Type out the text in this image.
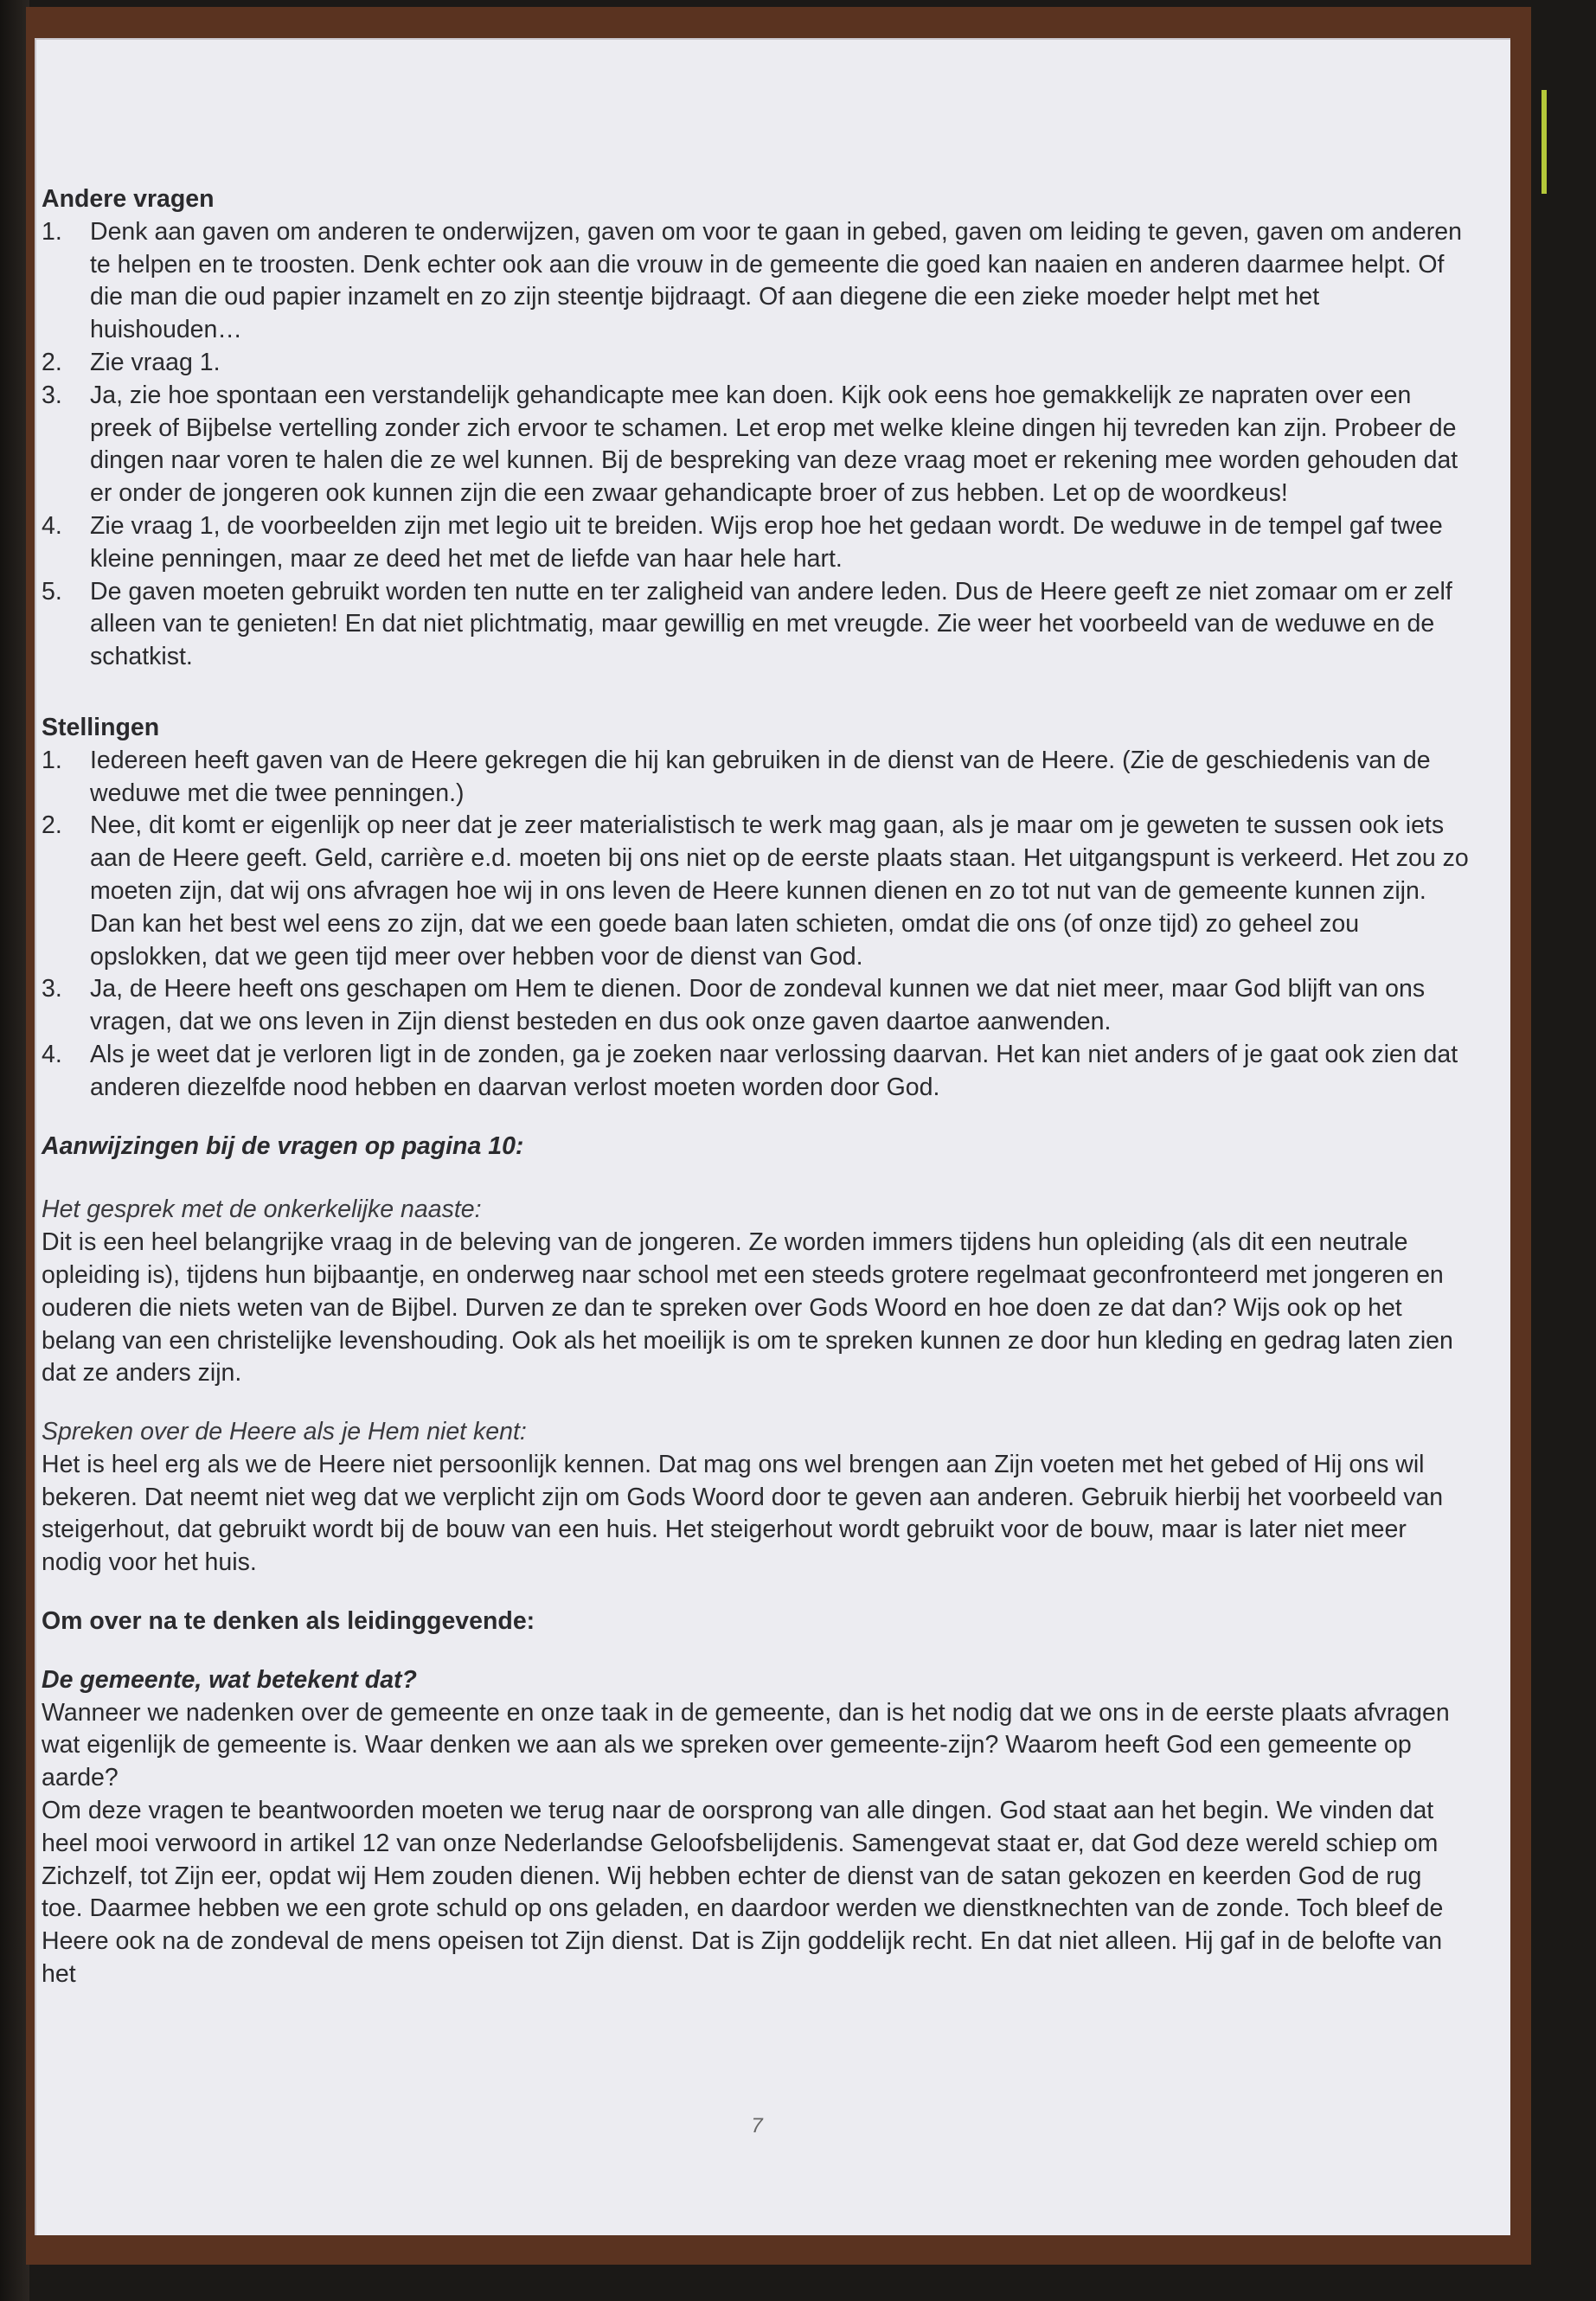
Andere vragen

1.	Denk aan gaven om anderen te onderwijzen, gaven om voor te gaan in gebed, gaven om leiding te geven, gaven om anderen te helpen en te troosten. Denk echter ook aan die vrouw in de gemeente die goed kan naaien en anderen daarmee helpt. Of die man die oud papier inzamelt en zo zijn steentje bijdraagt. Of aan diegene die een zieke moeder helpt met het huishouden…
2.	Zie vraag 1.
3.	Ja, zie hoe spontaan een verstandelijk gehandicapte mee kan doen. Kijk ook eens hoe gemakkelijk ze napraten over een preek of Bijbelse vertelling zonder zich ervoor te schamen. Let erop met welke kleine dingen hij tevreden kan zijn. Probeer de dingen naar voren te halen die ze wel kunnen. Bij de bespreking van deze vraag moet er rekening mee worden gehouden dat er onder de jongeren ook kunnen zijn die een zwaar gehandicapte broer of zus hebben. Let op de woordkeus!
4.	Zie vraag 1, de voorbeelden zijn met legio uit te breiden. Wijs erop hoe het gedaan wordt. De weduwe in de tempel gaf twee kleine penningen, maar ze deed het met de liefde van haar hele hart.
5.	De gaven moeten gebruikt worden ten nutte en ter zaligheid van andere leden. Dus de Heere geeft ze niet zomaar om er zelf alleen van te genieten! En dat niet plichtmatig, maar gewillig en met vreugde. Zie weer het voorbeeld van de weduwe en de schatkist.

Stellingen

1.	Iedereen heeft gaven van de Heere gekregen die hij kan gebruiken in de dienst van de Heere. (Zie de geschiedenis van de weduwe met die twee penningen.)
2.	Nee, dit komt er eigenlijk op neer dat je zeer materialistisch te werk mag gaan, als je maar om je geweten te sussen ook iets aan de Heere geeft. Geld, carrière e.d. moeten bij ons niet op de eerste plaats staan. Het uitgangspunt is verkeerd. Het zou zo moeten zijn, dat wij ons afvragen hoe wij in ons leven de Heere kunnen dienen en zo tot nut van de gemeente kunnen zijn. Dan kan het best wel eens zo zijn, dat we een goede baan laten schieten, omdat die ons (of onze tijd) zo geheel zou opslokken, dat we geen tijd meer over hebben voor de dienst van God.
3.	Ja, de Heere heeft ons geschapen om Hem te dienen. Door de zondeval kunnen we dat niet meer, maar God blijft van ons vragen, dat we ons leven in Zijn dienst besteden en dus ook onze gaven daartoe aanwenden.
4.	Als je weet dat je verloren ligt in de zonden, ga je zoeken naar verlossing daarvan. Het kan niet anders of je gaat ook zien dat anderen diezelfde nood hebben en daarvan verlost moeten worden door God.

Aanwijzingen bij de vragen op pagina 10:

Het gesprek met de onkerkelijke naaste:

Dit is een heel belangrijke vraag in de beleving van de jongeren. Ze worden immers tijdens hun opleiding (als dit een neutrale opleiding is), tijdens hun bijbaantje, en onderweg naar school met een steeds grotere regelmaat geconfronteerd met jongeren en ouderen die niets weten van de Bijbel. Durven ze dan te spreken over Gods Woord en hoe doen ze dat dan? Wijs ook op het belang van een christelijke levenshouding. Ook als het moeilijk is om te spreken kunnen ze door hun kleding en gedrag laten zien dat ze anders zijn.

Spreken over de Heere als je Hem niet kent:

Het is heel erg als we de Heere niet persoonlijk kennen. Dat mag ons wel brengen aan Zijn voeten met het gebed of Hij ons wil bekeren. Dat neemt niet weg dat we verplicht zijn om Gods Woord door te geven aan anderen. Gebruik hierbij het voorbeeld van steigerhout, dat gebruikt wordt bij de bouw van een huis. Het steigerhout wordt gebruikt voor de bouw, maar is later niet meer nodig voor het huis.

Om over na te denken als leidinggevende:

De gemeente, wat betekent dat?

Wanneer we nadenken over de gemeente en onze taak in de gemeente, dan is het nodig dat we ons in de eerste plaats afvragen wat eigenlijk de gemeente is. Waar denken we aan als we spreken over gemeente-zijn? Waarom heeft God een gemeente op aarde?

Om deze vragen te beantwoorden moeten we terug naar de oorsprong van alle dingen. God staat aan het begin. We vinden dat heel mooi verwoord in artikel 12 van onze Nederlandse Geloofsbelijdenis. Samengevat staat er, dat God deze wereld schiep om Zichzelf, tot Zijn eer, opdat wij Hem zouden dienen. Wij hebben echter de dienst van de satan gekozen en keerden God de rug toe. Daarmee hebben we een grote schuld op ons geladen, en daardoor werden we dienstknechten van de zonde. Toch bleef de Heere ook na de zondeval de mens opeisen tot Zijn dienst. Dat is Zijn goddelijk recht. En dat niet alleen. Hij gaf in de belofte van het

7
